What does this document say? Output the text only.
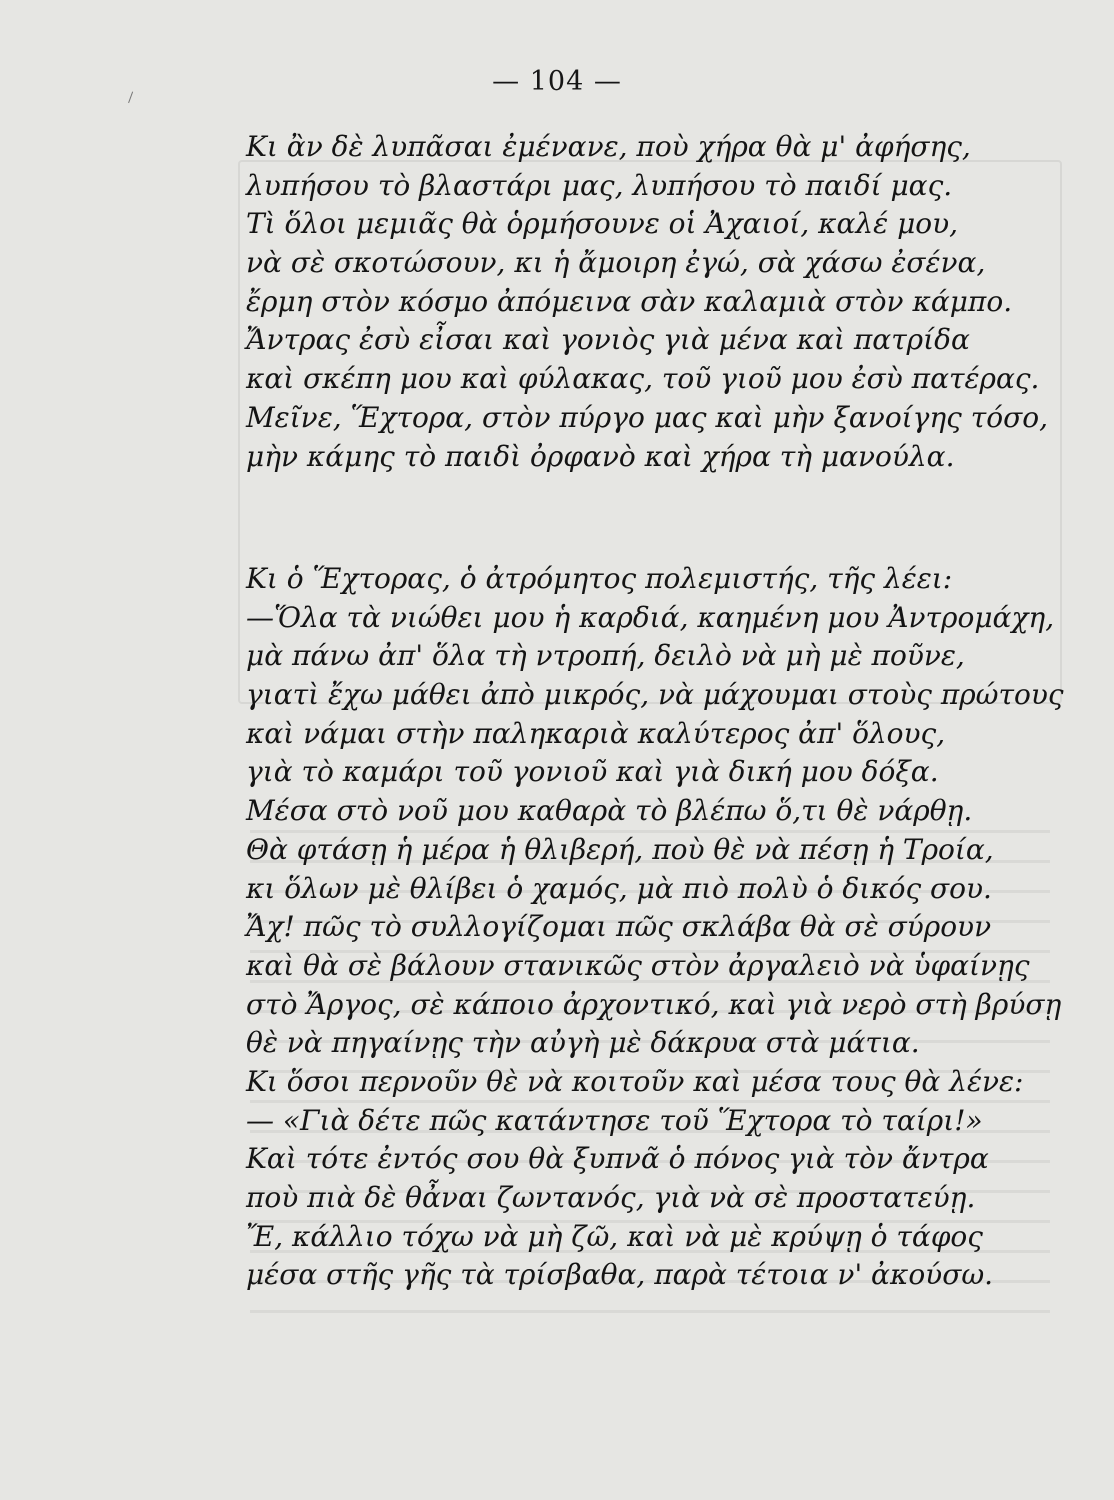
— 104 —
Κι ἂν δὲ λυπᾶσαι ἐμένανε, ποὺ χήρα θὰ μ' ἀφήσης,
λυπήσου τὸ βλαστάρι μας, λυπήσου τὸ παιδί μας.
Τὶ ὅλοι μεμιᾶς θὰ ὁρμήσουνε οἱ Ἀχαιοί, καλέ μου,
νὰ σὲ σκοτώσουν, κι ἡ ἄμοιρη ἐγώ, σὰ χάσω ἐσένα,
ἔρμη στὸν κόσμο ἀπόμεινα σὰν καλαμιὰ στὸν κάμπο.
Ἄντρας ἐσὺ εἶσαι καὶ γονιὸς γιὰ μένα καὶ πατρίδα
καὶ σκέπη μου καὶ φύλακας, τοῦ γιοῦ μου ἐσὺ πατέρας.
Μεῖνε, Ἕχτορα, στὸν πύργο μας καὶ μὴν ξανοίγης τόσο,
μὴν κάμης τὸ παιδὶ ὀρφανὸ καὶ χήρα τὴ μανούλα.
Κι ὁ Ἕχτορας, ὁ ἀτρόμητος πολεμιστής, τῆς λέει:
—Ὅλα τὰ νιώθει μου ἡ καρδιά, καημένη μου Ἀντρομάχη,
μὰ πάνω ἀπ' ὅλα τὴ ντροπή, δειλὸ νὰ μὴ μὲ ποῦνε,
γιατὶ ἔχω μάθει ἀπὸ μικρός, νὰ μάχουμαι στοὺς πρώτους
καὶ νάμαι στὴν παληκαριὰ καλύτερος ἀπ' ὅλους,
γιὰ τὸ καμάρι τοῦ γονιοῦ καὶ γιὰ δική μου δόξα.
Μέσα στὸ νοῦ μου καθαρὰ τὸ βλέπω ὅ,τι θὲ νάρθῃ.
Θὰ φτάσῃ ἡ μέρα ἡ θλιβερή, ποὺ θὲ νὰ πέσῃ ἡ Τροία,
κι ὅλων μὲ θλίβει ὁ χαμός, μὰ πιὸ πολὺ ὁ δικός σου.
Ἄχ! πῶς τὸ συλλογίζομαι πῶς σκλάβα θὰ σὲ σύρουν
καὶ θὰ σὲ βάλουν στανικῶς στὸν ἀργαλειὸ νὰ ὑφαίνῃς
στὸ Ἄργος, σὲ κάποιο ἀρχοντικό, καὶ γιὰ νερὸ στὴ βρύσῃ
θὲ νὰ πηγαίνῃς τὴν αὐγὴ μὲ δάκρυα στὰ μάτια.
Κι ὅσοι περνοῦν θὲ νὰ κοιτοῦν καὶ μέσα τους θὰ λένε:
— «Γιὰ δέτε πῶς κατάντησε τοῦ Ἕχτορα τὸ ταίρι!»
Καὶ τότε ἐντός σου θὰ ξυπνᾶ ὁ πόνος γιὰ τὸν ἄντρα
ποὺ πιὰ δὲ θἆναι ζωντανός, γιὰ νὰ σὲ προστατεύῃ.
Ἔ, κάλλιο τόχω νὰ μὴ ζῶ, καὶ νὰ μὲ κρύψῃ ὁ τάφος
μέσα στῆς γῆς τὰ τρίσβαθα, παρὰ τέτοια ν' ἀκούσω.
